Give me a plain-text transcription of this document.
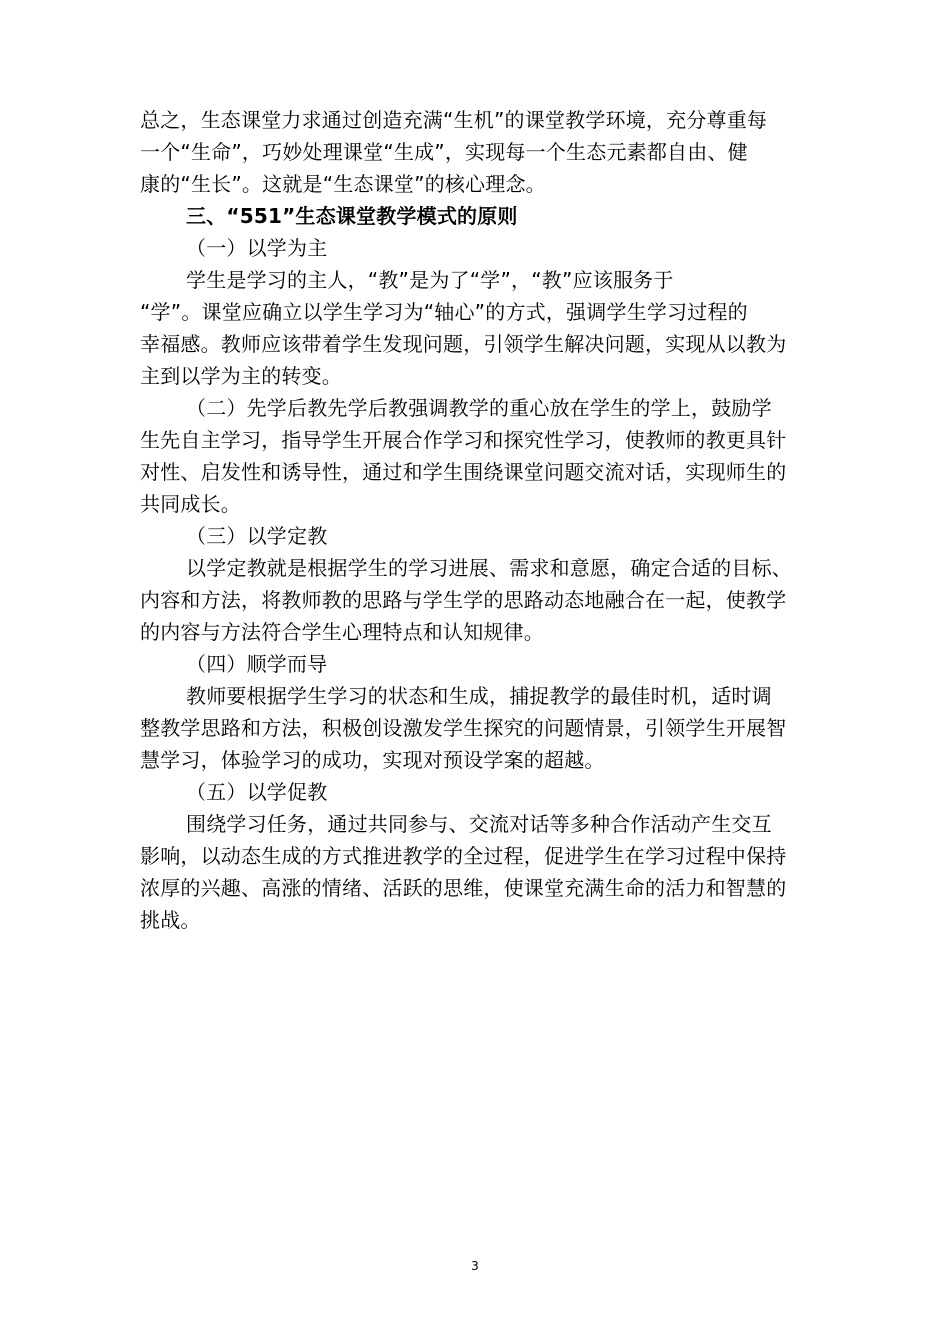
总之，生态课堂力求通过创造充满“生机”的课堂教学环境，充分尊重每
一个“生命”，巧妙处理课堂“生成”，实现每一个生态元素都自由、健
康的“生长”。这就是“生态课堂”的核心理念。
三、“551”生态课堂教学模式的原则
（一）以学为主
学生是学习的主人，“教”是为了“学”，“教”应该服务于
“学”。课堂应确立以学生学习为“轴心”的方式，强调学生学习过程的
幸福感。教师应该带着学生发现问题，引领学生解决问题，实现从以教为
主到以学为主的转变。
（二）先学后教先学后教强调教学的重心放在学生的学上，鼓励学
生先自主学习，指导学生开展合作学习和探究性学习，使教师的教更具针
对性、启发性和诱导性，通过和学生围绕课堂问题交流对话，实现师生的
共同成长。
（三）以学定教
以学定教就是根据学生的学习进展、需求和意愿，确定合适的目标、
内容和方法，将教师教的思路与学生学的思路动态地融合在一起，使教学
的内容与方法符合学生心理特点和认知规律。
（四）顺学而导
教师要根据学生学习的状态和生成，捕捉教学的最佳时机，适时调
整教学思路和方法，积极创设激发学生探究的问题情景，引领学生开展智
慧学习，体验学习的成功，实现对预设学案的超越。
（五）以学促教
围绕学习任务，通过共同参与、交流对话等多种合作活动产生交互
影响，以动态生成的方式推进教学的全过程，促进学生在学习过程中保持
浓厚的兴趣、高涨的情绪、活跃的思维，使课堂充满生命的活力和智慧的
挑战。
3
